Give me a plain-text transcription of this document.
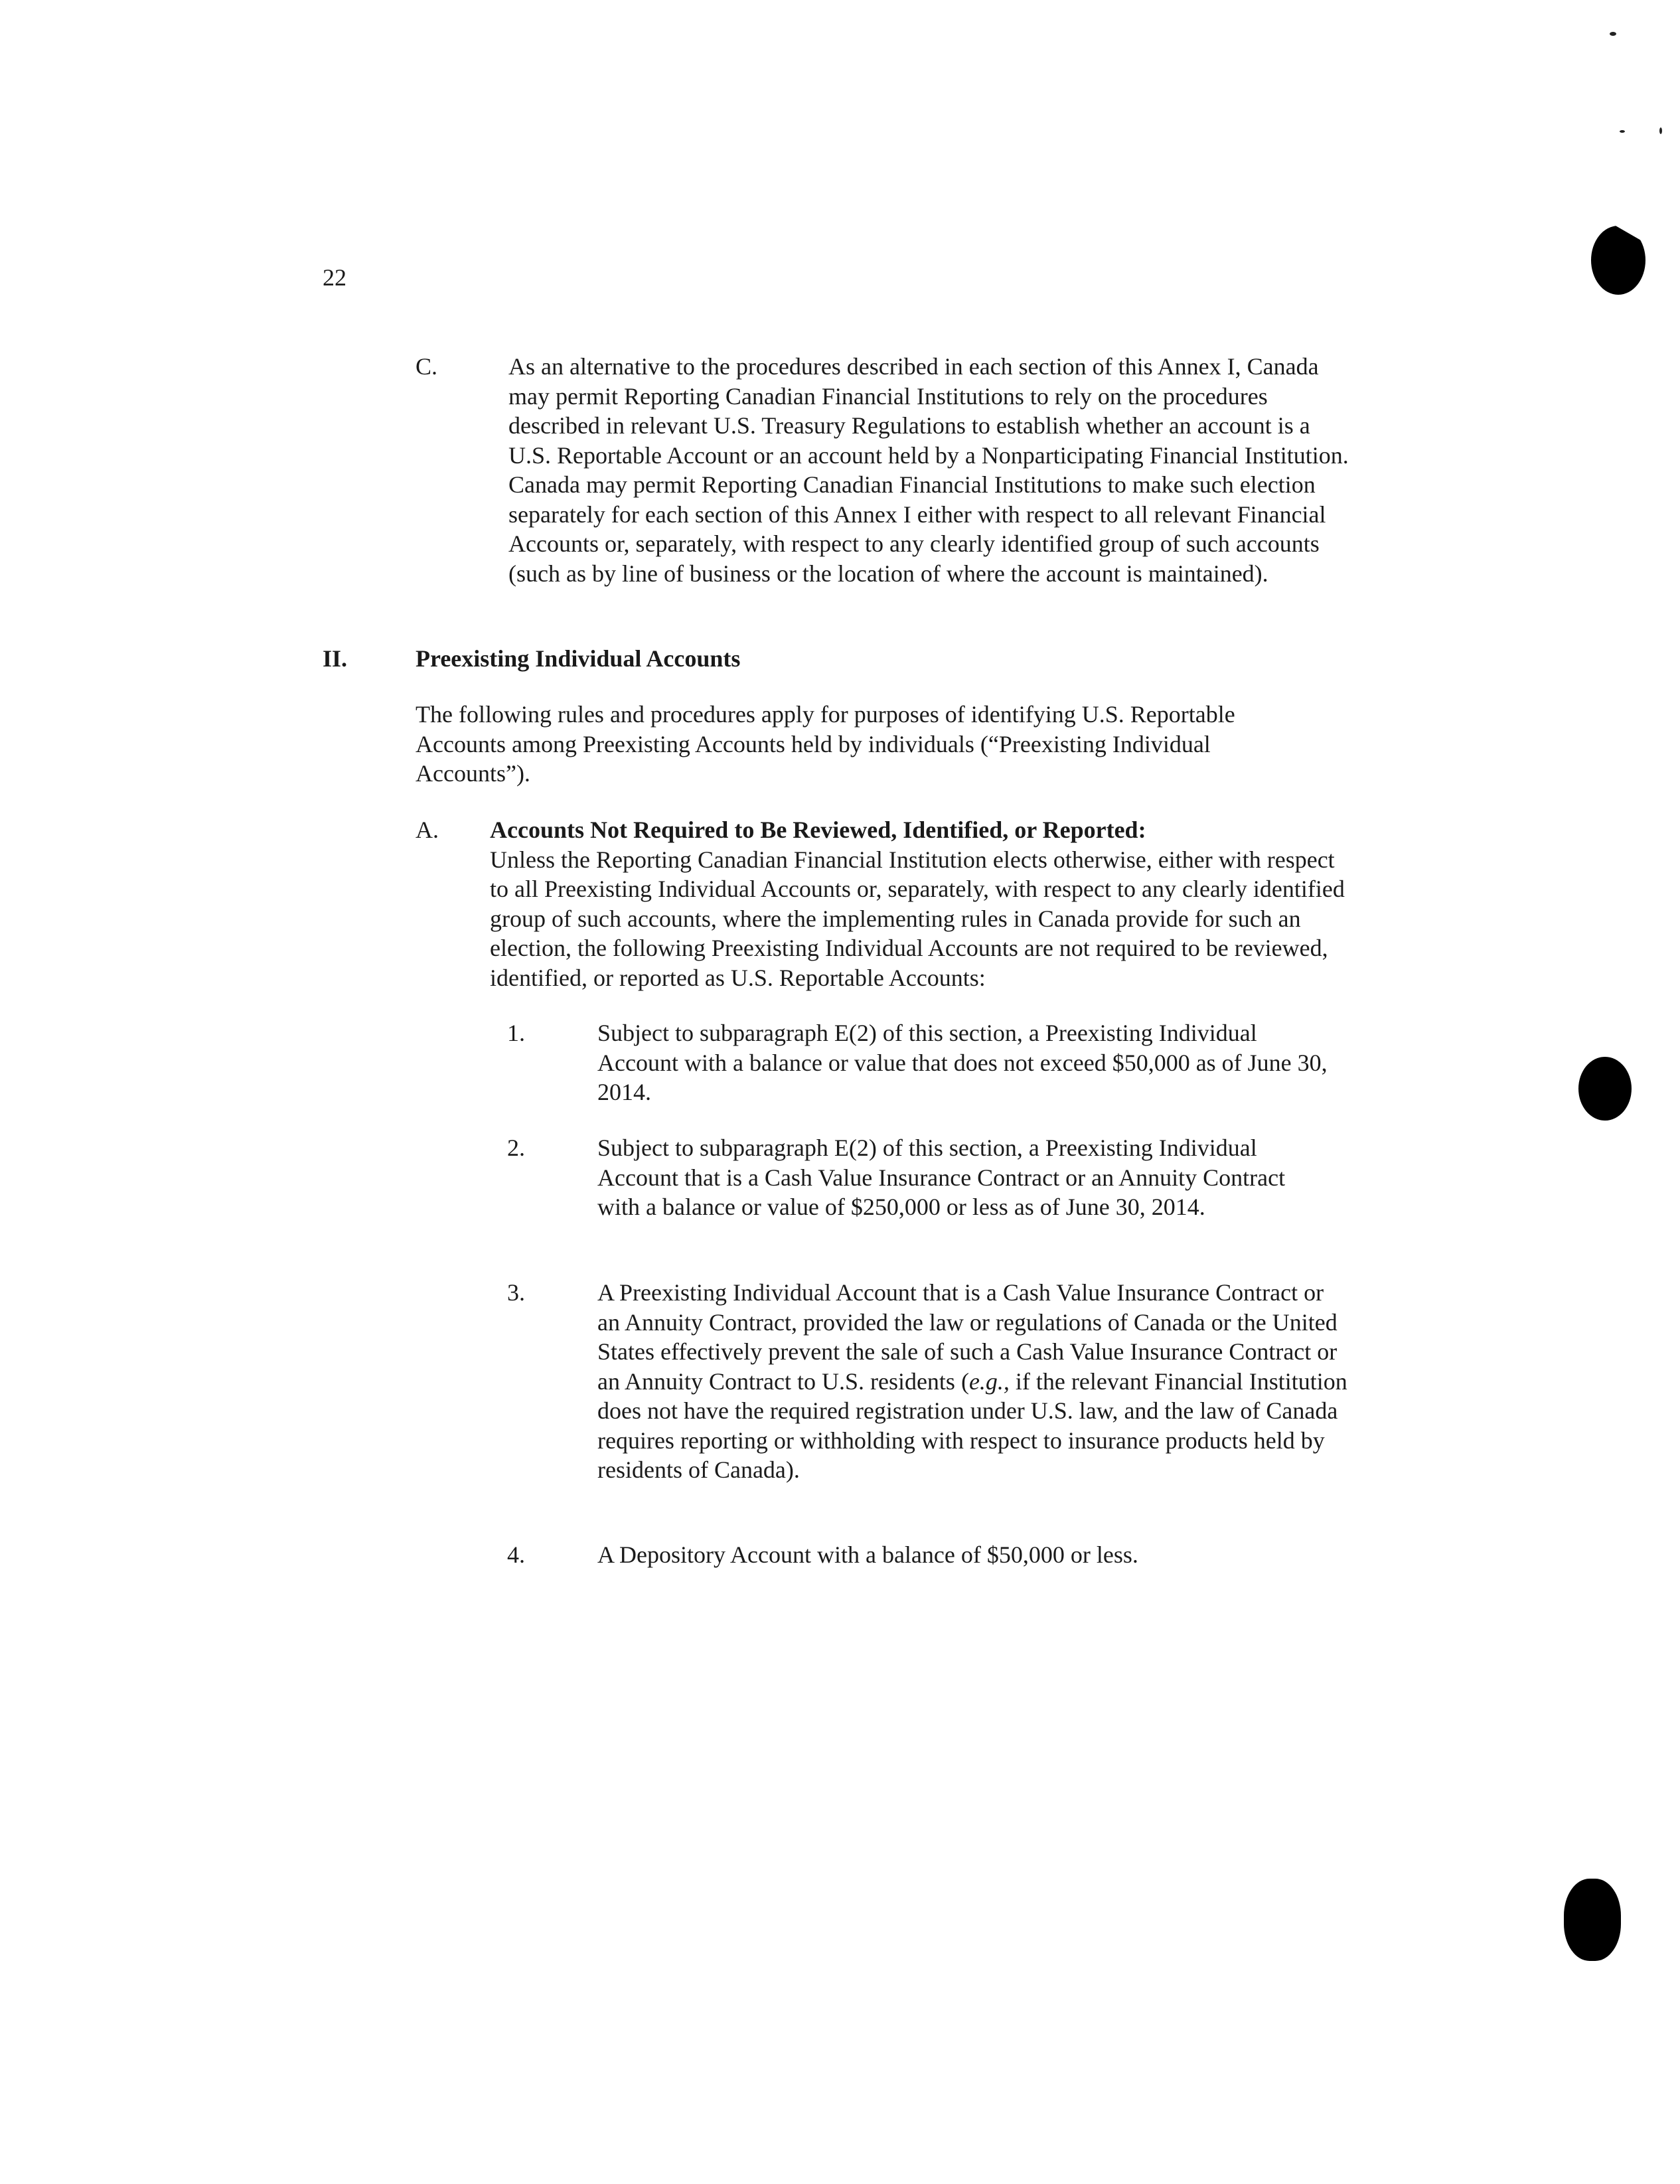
22
C.	As an alternative to the procedures described in each section of this Annex I, Canada may permit Reporting Canadian Financial Institutions to rely on the procedures described in relevant U.S. Treasury Regulations to establish whether an account is a U.S. Reportable Account or an account held by a Nonparticipating Financial Institution. Canada may permit Reporting Canadian Financial Institutions to make such election separately for each section of this Annex I either with respect to all relevant Financial Accounts or, separately, with respect to any clearly identified group of such accounts (such as by line of business or the location of where the account is maintained).

II.	Preexisting Individual Accounts

The following rules and procedures apply for purposes of identifying U.S. Reportable Accounts among Preexisting Accounts held by individuals (“Preexisting Individual Accounts”).

A. Accounts Not Required to Be Reviewed, Identified, or Reported:
Unless the Reporting Canadian Financial Institution elects otherwise, either with respect to all Preexisting Individual Accounts or, separately, with respect to any clearly identified group of such accounts, where the implementing rules in Canada provide for such an election, the following Preexisting Individual Accounts are not required to be reviewed, identified, or reported as U.S. Reportable Accounts:
1.	Subject to subparagraph E(2) of this section, a Preexisting Individual Account with a balance or value that does not exceed $50,000 as of June 30, 2014.

2.	Subject to subparagraph E(2) of this section, a Preexisting Individual Account that is a Cash Value Insurance Contract or an Annuity Contract with a balance or value of $250,000 or less as of June 30, 2014.

3.	A Preexisting Individual Account that is a Cash Value Insurance Contract or an Annuity Contract, provided the law or regulations of Canada or the United States effectively prevent the sale of such a Cash Value Insurance Contract or an Annuity Contract to U.S. residents (e.g., if the relevant Financial Institution does not have the required registration under U.S. law, and the law of Canada requires reporting or withholding with respect to insurance products held by residents of Canada).

4.	A Depository Account with a balance of $50,000 or less.
